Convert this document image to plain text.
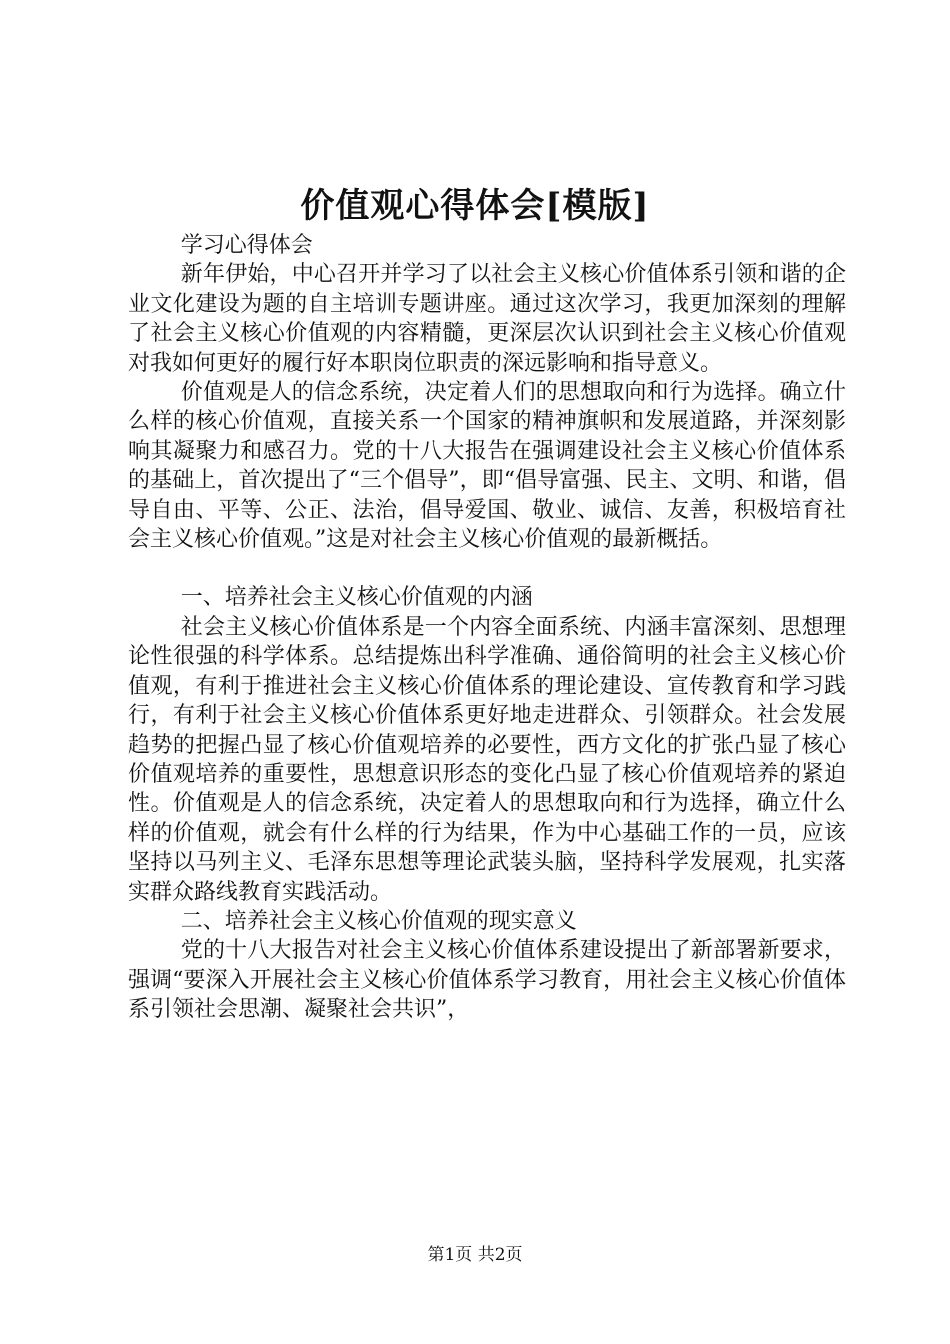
价值观心得体会[模版]

学习心得体会

新年伊始，中心召开并学习了以社会主义核心价值体系引领和谐的企业文化建设为题的自主培训专题讲座。通过这次学习，我更加深刻的理解了社会主义核心价值观的内容精髓，更深层次认识到社会主义核心价值观对我如何更好的履行好本职岗位职责的深远影响和指导意义。

价值观是人的信念系统，决定着人们的思想取向和行为选择。确立什么样的核心价值观，直接关系一个国家的精神旗帜和发展道路，并深刻影响其凝聚力和感召力。党的十八大报告在强调建设社会主义核心价值体系的基础上，首次提出了“三个倡导”，即“倡导富强、民主、文明、和谐，倡导自由、平等、公正、法治，倡导爱国、敬业、诚信、友善，积极培育社会主义核心价值观。”这是对社会主义核心价值观的最新概括。

一、培养社会主义核心价值观的内涵

社会主义核心价值体系是一个内容全面系统、内涵丰富深刻、思想理论性很强的科学体系。总结提炼出科学准确、通俗简明的社会主义核心价值观，有利于推进社会主义核心价值体系的理论建设、宣传教育和学习践行，有利于社会主义核心价值体系更好地走进群众、引领群众。社会发展趋势的把握凸显了核心价值观培养的必要性，西方文化的扩张凸显了核心价值观培养的重要性，思想意识形态的变化凸显了核心价值观培养的紧迫性。价值观是人的信念系统，决定着人的思想取向和行为选择，确立什么样的价值观，就会有什么样的行为结果，作为中心基础工作的一员，应该坚持以马列主义、毛泽东思想等理论武装头脑，坚持科学发展观，扎实落实群众路线教育实践活动。

二、培养社会主义核心价值观的现实意义

党的十八大报告对社会主义核心价值体系建设提出了新部署新要求，强调“要深入开展社会主义核心价值体系学习教育，用社会主义核心价值体系引领社会思潮、凝聚社会共识”，

第1页 共2页
